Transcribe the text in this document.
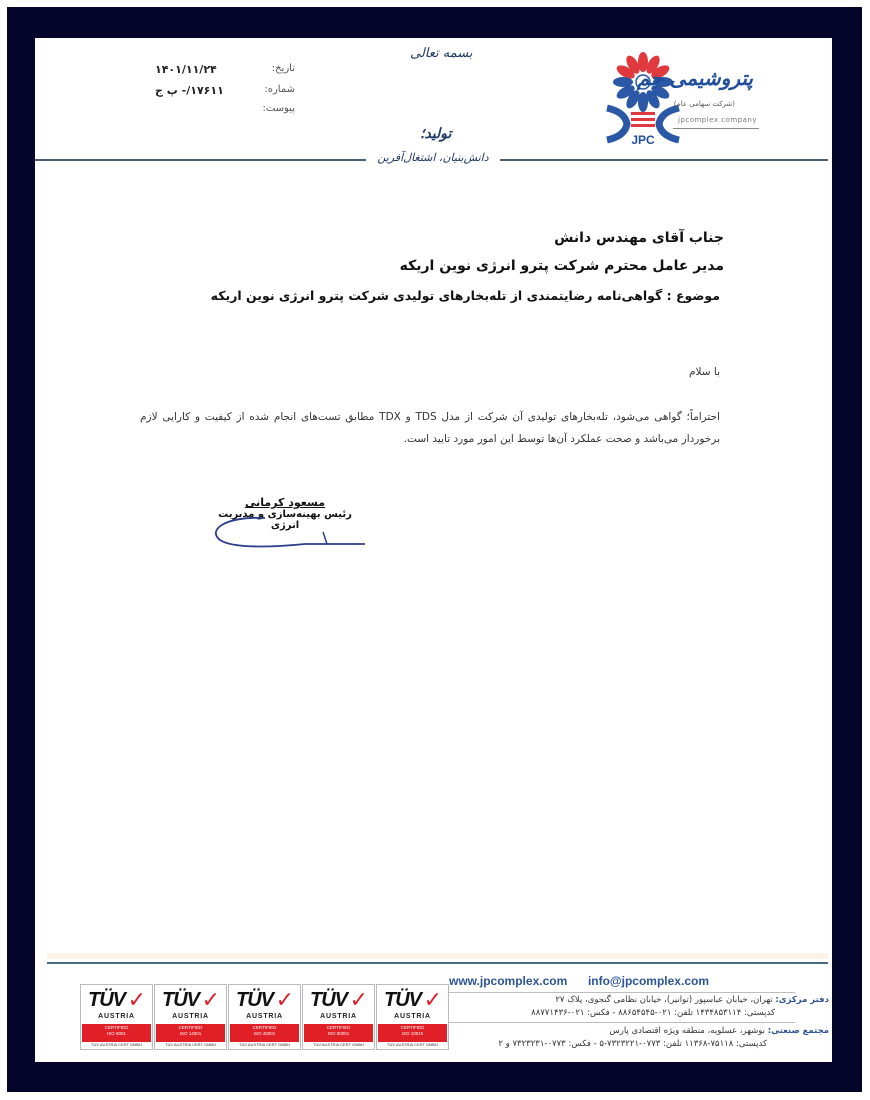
بسمه تعالی
تاریخ:
۱۴۰۱/۱۱/۲۴
شماره:
۱۷۶۱۱/- پ ج
پیوست:
JPC
پتروشیمی جم
(شرکت سهامی عام)
jpcomplex company
تولید؛
دانش‌بنیان، اشتغال‌آفرین
جناب آقای مهندس دانش
مدیر عامل محترم شرکت پترو انرژی نوین اریکه
موضوع : گواهی‌نامه رضایتمندی از تله‌بخارهای تولیدی شرکت پترو انرژی نوین اریکه
با سلام
احتراماً؛ گواهی می‌شود، تله‌بخارهای تولیدی آن شرکت از مدل TDS و TDX مطابق تست‌های انجام شده از کیفیت و کارایی لازم برخوردار می‌باشد و صحت عملکرد آن‌ها توسط این امور مورد تایید است.
مسعود کرمانی
رئیس بهینه‌سازی و مدیریت انرژی
TÜV ✓
AUSTRIA
CERTIFIED
ISO 9001
TÜV AUSTRIA CERT GMBH
TÜV ✓
AUSTRIA
CERTIFIED
ISO 14001
TÜV AUSTRIA CERT GMBH
TÜV ✓
AUSTRIA
CERTIFIED
ISO 45001
TÜV AUSTRIA CERT GMBH
TÜV ✓
AUSTRIA
CERTIFIED
ISO 50001
TÜV AUSTRIA CERT GMBH
TÜV ✓
AUSTRIA
CERTIFIED
ISO 10015
TÜV AUSTRIA CERT GMBH
www.jpcomplex.com info@jpcomplex.com
دفتر مرکزی: تهران، خیابان عباسپور (توانیر)، خیابان نظامی گنجوی، پلاک ۲۷
کدپستی: ۱۴۳۴۸۵۳۱۱۴ تلفن: ۰۲۱-۸۸۶۵۴۵۴۵ - فکس: ۰۲۱-۸۸۷۷۱۴۳۶
مجتمع صنعتی: بوشهر، عسلویه، منطقه ویژه اقتصادی پارس
کدپستی: ۷۵۱۱۸-۱۱۳۶۸ تلفن: ۰۷۷۳-۷۳۲۳۲۲۱-۵ - فکس: ۰۷۷۳-۷۳۲۳۲۳۱ و ۲
